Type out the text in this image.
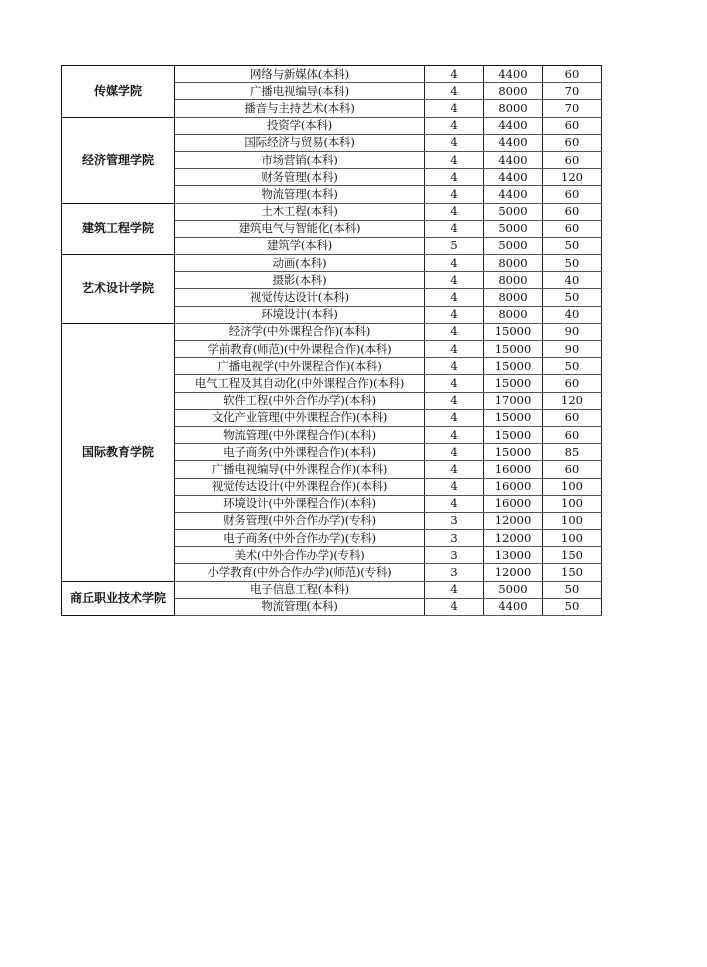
传媒学院	网络与新媒体(本科)	4	4400	60
	广播电视编导(本科)	4	8000	70
	播音与主持艺术(本科)	4	8000	70
经济管理学院	投资学(本科)	4	4400	60
	国际经济与贸易(本科)	4	4400	60
	市场营销(本科)	4	4400	60
	财务管理(本科)	4	4400	120
	物流管理(本科)	4	4400	60
建筑工程学院	土木工程(本科)	4	5000	60
	建筑电气与智能化(本科)	4	5000	60
	建筑学(本科)	5	5000	50
艺术设计学院	动画(本科)	4	8000	50
	摄影(本科)	4	8000	40
	视觉传达设计(本科)	4	8000	50
	环境设计(本科)	4	8000	40
国际教育学院	经济学(中外课程合作)(本科)	4	15000	90
	学前教育(师范)(中外课程合作)(本科)	4	15000	90
	广播电视学(中外课程合作)(本科)	4	15000	50
	电气工程及其自动化(中外课程合作)(本科)	4	15000	60
	软件工程(中外合作办学)(本科)	4	17000	120
	文化产业管理(中外课程合作)(本科)	4	15000	60
	物流管理(中外课程合作)(本科)	4	15000	60
	电子商务(中外课程合作)(本科)	4	15000	85
	广播电视编导(中外课程合作)(本科)	4	16000	60
	视觉传达设计(中外课程合作)(本科)	4	16000	100
	环境设计(中外课程合作)(本科)	4	16000	100
	财务管理(中外合作办学)(专科)	3	12000	100
	电子商务(中外合作办学)(专科)	3	12000	100
	美术(中外合作办学)(专科)	3	13000	150
	小学教育(中外合作办学)(师范)(专科)	3	12000	150
商丘职业技术学院	电子信息工程(本科)	4	5000	50
	物流管理(本科)	4	4400	50
